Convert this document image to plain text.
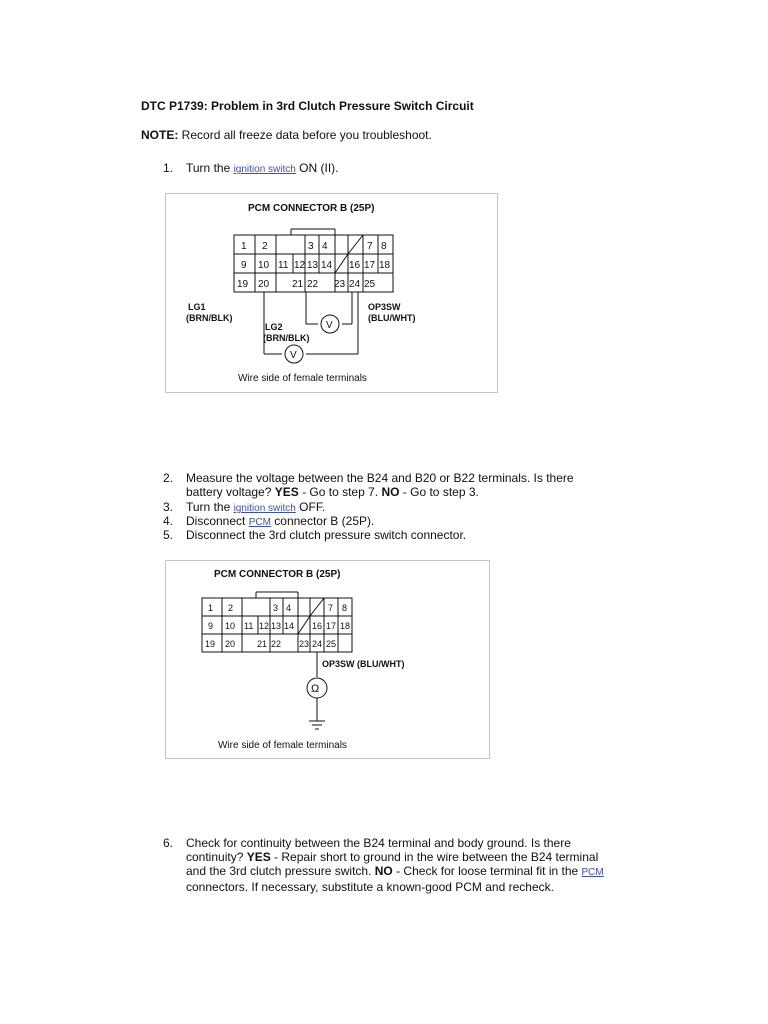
DTC P1739: Problem in 3rd Clutch Pressure Switch Circuit
NOTE: Record all freeze data before you troubleshoot.
1.	Turn the ignition switch ON (II).
PCM CONNECTOR B (25P)
1 2	3 4	7 8
9 10 11 12 13 14 16 17 18
19 20 21 22 23 24 25
LG1
(BRN/BLK)
LG2
(BRN/BLK)
OP3SW
(BLU/WHT)
V
V
Wire side of female terminals
2.	Measure the voltage between the B24 and B20 or B22 terminals. Is there
battery voltage? YES - Go to step 7. NO - Go to step 3.
3.	Turn the ignition switch OFF.
4.	Disconnect PCM connector B (25P).
5.	Disconnect the 3rd clutch pressure switch connector.
PCM CONNECTOR B (25P)
1 2	3 4	7 8
9 10 11 12 13 14 16 17 18
19 20 21 22 23 24 25
OP3SW (BLU/WHT)
Ω
Wire side of female terminals
6.	Check for continuity between the B24 terminal and body ground. Is there
continuity? YES - Repair short to ground in the wire between the B24 terminal
and the 3rd clutch pressure switch. NO - Check for loose terminal fit in the PCM
connectors. If necessary, substitute a known-good PCM and recheck.
